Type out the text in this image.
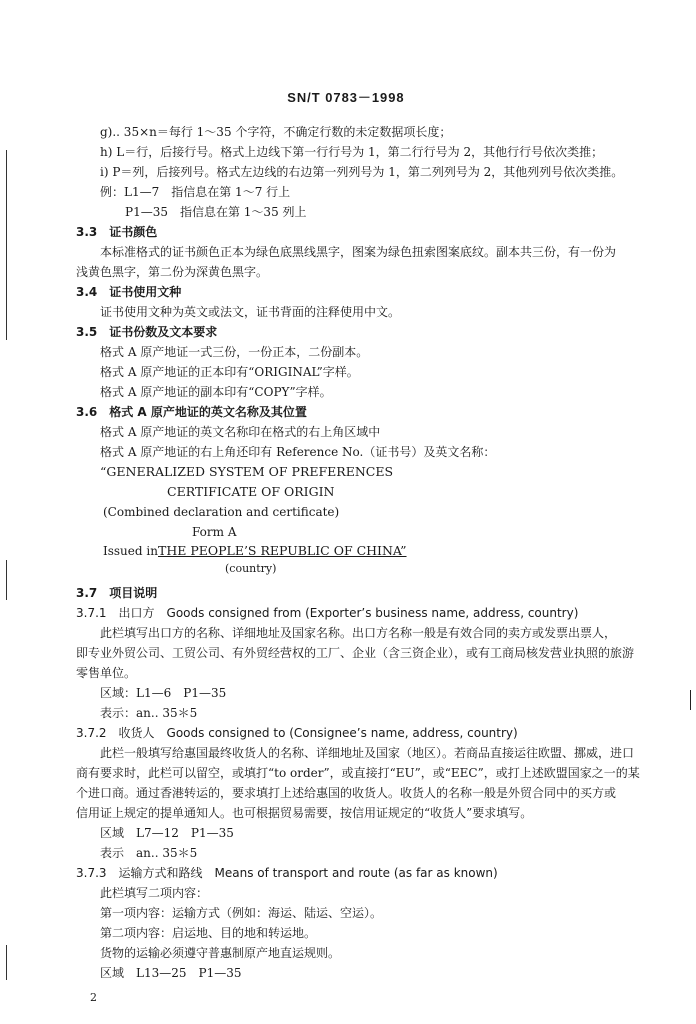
SN/T 0783－1998
g).. 35×n＝每行 1～35 个字符，不确定行数的未定数据项长度；
h) L＝行，后接行号。格式上边线下第一行行号为 1，第二行行号为 2，其他行行号依次类推；
i) P＝列，后接列号。格式左边线的右边第一列列号为 1，第二列列号为 2，其他列列号依次类推。
例：L1—7　指信息在第 1～7 行上
P1—35　指信息在第 1～35 列上
3.3　证书颜色
本标准格式的证书颜色正本为绿色底黑线黑字，图案为绿色扭索图案底纹。副本共三份，有一份为
浅黄色黑字，第二份为深黄色黑字。
3.4　证书使用文种
证书使用文种为英文或法文，证书背面的注释使用中文。
3.5　证书份数及文本要求
格式 A 原产地证一式三份，一份正本，二份副本。
格式 A 原产地证的正本印有“ORIGINAL”字样。
格式 A 原产地证的副本印有“COPY”字样。
3.6　格式 A 原产地证的英文名称及其位置
格式 A 原产地证的英文名称印在格式的右上角区域中
格式 A 原产地证的右上角还印有 Reference No.（证书号）及英文名称：
“GENERALIZED SYSTEM OF PREFERENCES
CERTIFICATE OF ORIGIN
(Combined declaration and certificate)
Form A
Issued in THE PEOPLE’S REPUBLIC OF CHINA”
(country)
3.7　项目说明
3.7.1　出口方　Goods consigned from (Exporter’s business name, address, country)
此栏填写出口方的名称、详细地址及国家名称。出口方名称一般是有效合同的卖方或发票出票人，
即专业外贸公司、工贸公司、有外贸经营权的工厂、企业（含三资企业），或有工商局核发营业执照的旅游
零售单位。
区域：L1—6　P1—35
表示：an.. 35＊5
3.7.2　收货人　Goods consigned to (Consignee’s name, address, country)
此栏一般填写给惠国最终收货人的名称、详细地址及国家（地区）。若商品直接运往欧盟、挪威，进口
商有要求时，此栏可以留空，或填打“to order”，或直接打“EU”，或“EEC”，或打上述欧盟国家之一的某
个进口商。通过香港转运的，要求填打上述给惠国的收货人。收货人的名称一般是外贸合同中的买方或
信用证上规定的提单通知人。也可根据贸易需要，按信用证规定的“收货人”要求填写。
区域　L7—12　P1—35
表示　an.. 35＊5
3.7.3　运输方式和路线　Means of transport and route (as far as known)
此栏填写二项内容：
第一项内容：运输方式（例如：海运、陆运、空运）。
第二项内容：启运地、目的地和转运地。
货物的运输必须遵守普惠制原产地直运规则。
区域　L13—25　P1—35
2
